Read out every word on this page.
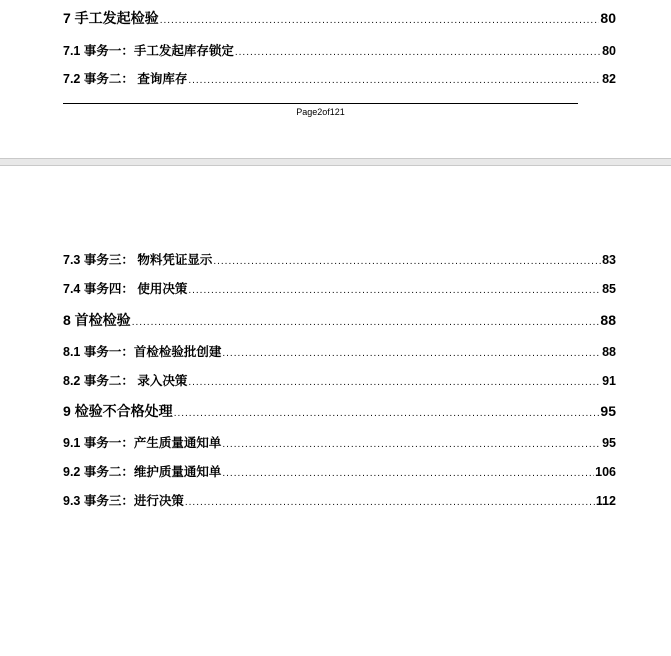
7 手工发起检验 .....	80
7.1 事务一：手工发起库存锁定 .....	80
7.2 事务二： 查询库存 .....	82
Page2of121
7.3 事务三： 物料凭证显示 .....	83
7.4 事务四： 使用决策 .....	85
8 首检检验 .....	88
8.1 事务一：首检检验批创建 .....	88
8.2 事务二： 录入决策 .....	91
9 检验不合格处理 .....	95
9.1 事务一：产生质量通知单 .....	95
9.2 事务二：维护质量通知单 .....	106
9.3 事务三：进行决策 .....	112
